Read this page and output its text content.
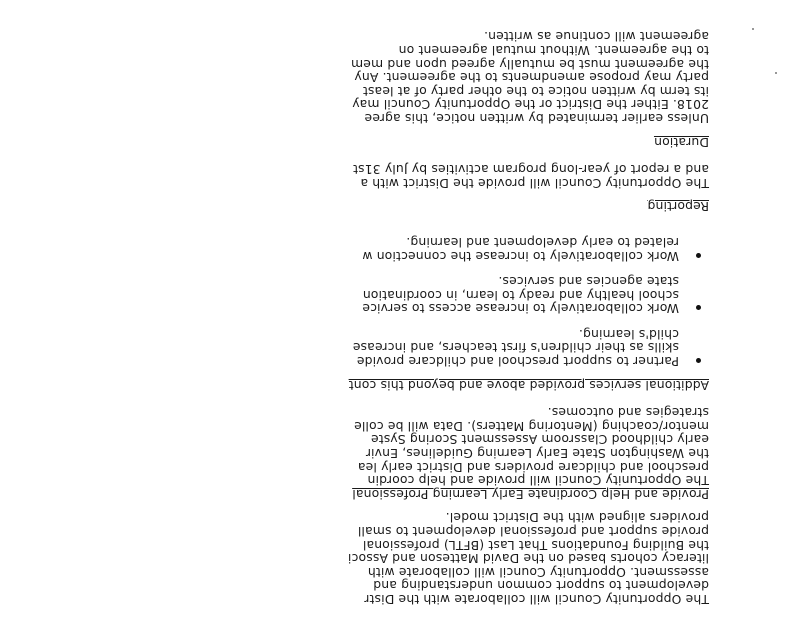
The Opportunity Council will collaborate with the Distr
development to support common understanding and
assessment. Opportunity Council will collaborate with
literacy cohorts based on the David Matteson and Associ
the Building Foundations That Last (BFTL) professional
provide support and professional development to small
providers aligned with the District model.
Provide and Help Coordinate Early Learning Professional
The Opportunity Council will provide and help coordin
preschool and childcare providers and District early lea
the Washington State Early Learning Guidelines, Envir
early childhood Classroom Assessment Scoring Syste
mentor/coaching (Mentoring Matters). Data will be colle
strategies and outcomes.
Additional services provided above and beyond this cont
Partner to support preschool and childcare provide
skills as their children's first teachers, and increase
child's learning.
Work collaboratively to increase access to service
school healthy and ready to learn, in coordination
state agencies and services.
Work collaboratively to increase the connection w
related to early development and learning.
Reporting
The Opportunity Council will provide the District with a
and a report of year-long program activities by July 31st
Duration
Unless earlier terminated by written notice, this agree
2018. Either the District or the Opportunity Council may
its term by written notice to the other party of at least
party may propose amendments to the agreement. Any
the agreement must be mutually agreed upon and mem
to the agreement. Without mutual agreement on
agreement will continue as written.
